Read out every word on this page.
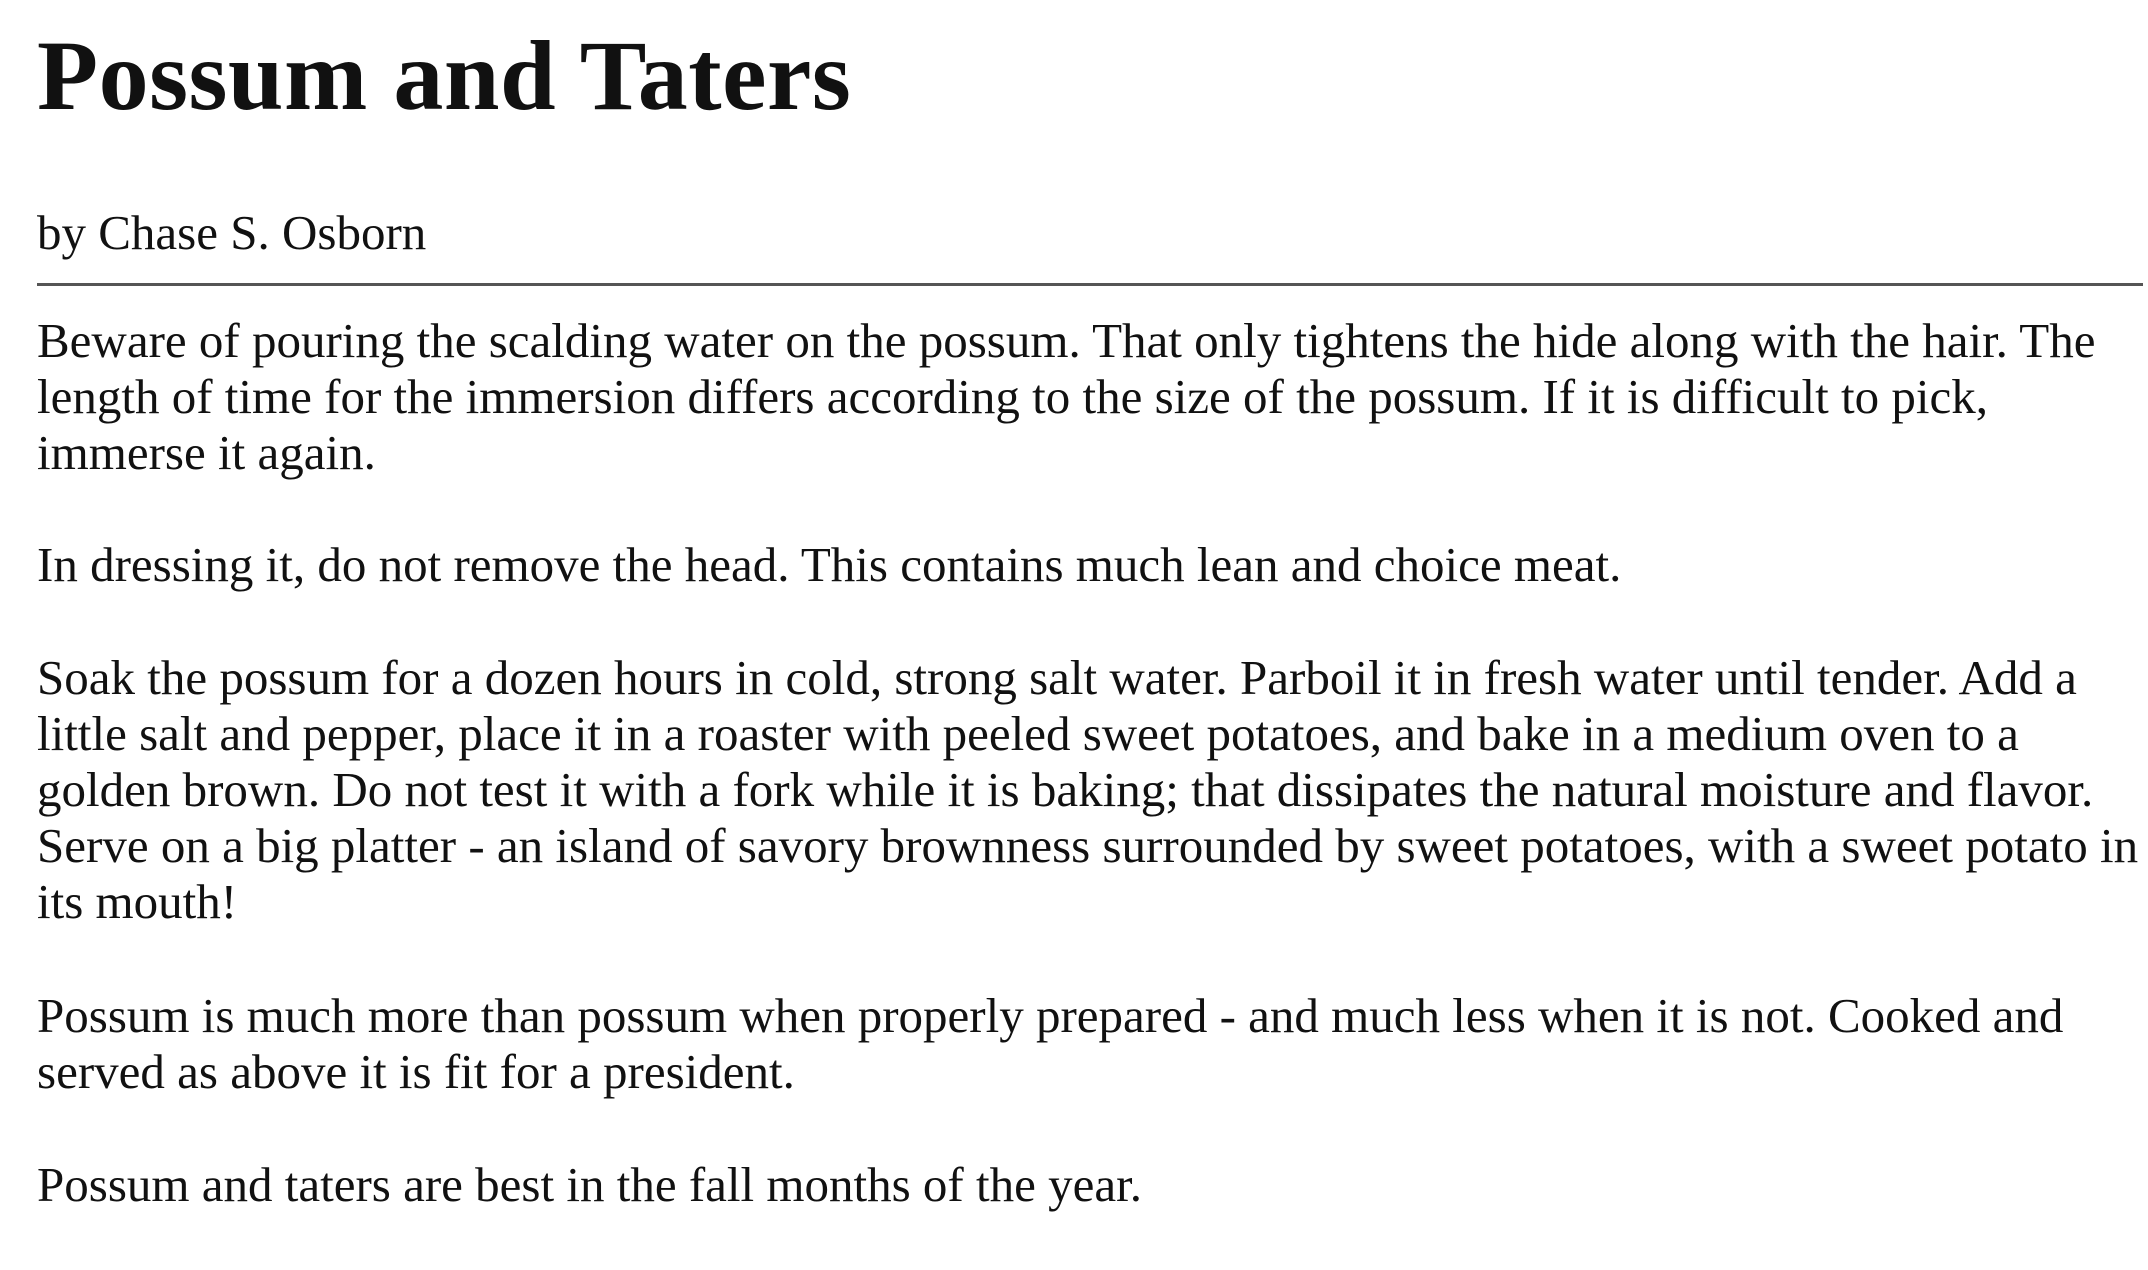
Possum and Taters
by Chase S. Osborn

Beware of pouring the scalding water on the possum. That only tightens the hide along with the hair. The length of time for the immersion differs according to the size of the possum. If it is difficult to pick, immerse it again.

In dressing it, do not remove the head. This contains much lean and choice meat.

Soak the possum for a dozen hours in cold, strong salt water. Parboil it in fresh water until tender. Add a little salt and pepper, place it in a roaster with peeled sweet potatoes, and bake in a medium oven to a golden brown. Do not test it with a fork while it is baking; that dissipates the natural moisture and flavor. Serve on a big platter - an island of savory brownness surrounded by sweet potatoes, with a sweet potato in its mouth!

Possum is much more than possum when properly prepared - and much less when it is not. Cooked and served as above it is fit for a president.

Possum and taters are best in the fall months of the year.
